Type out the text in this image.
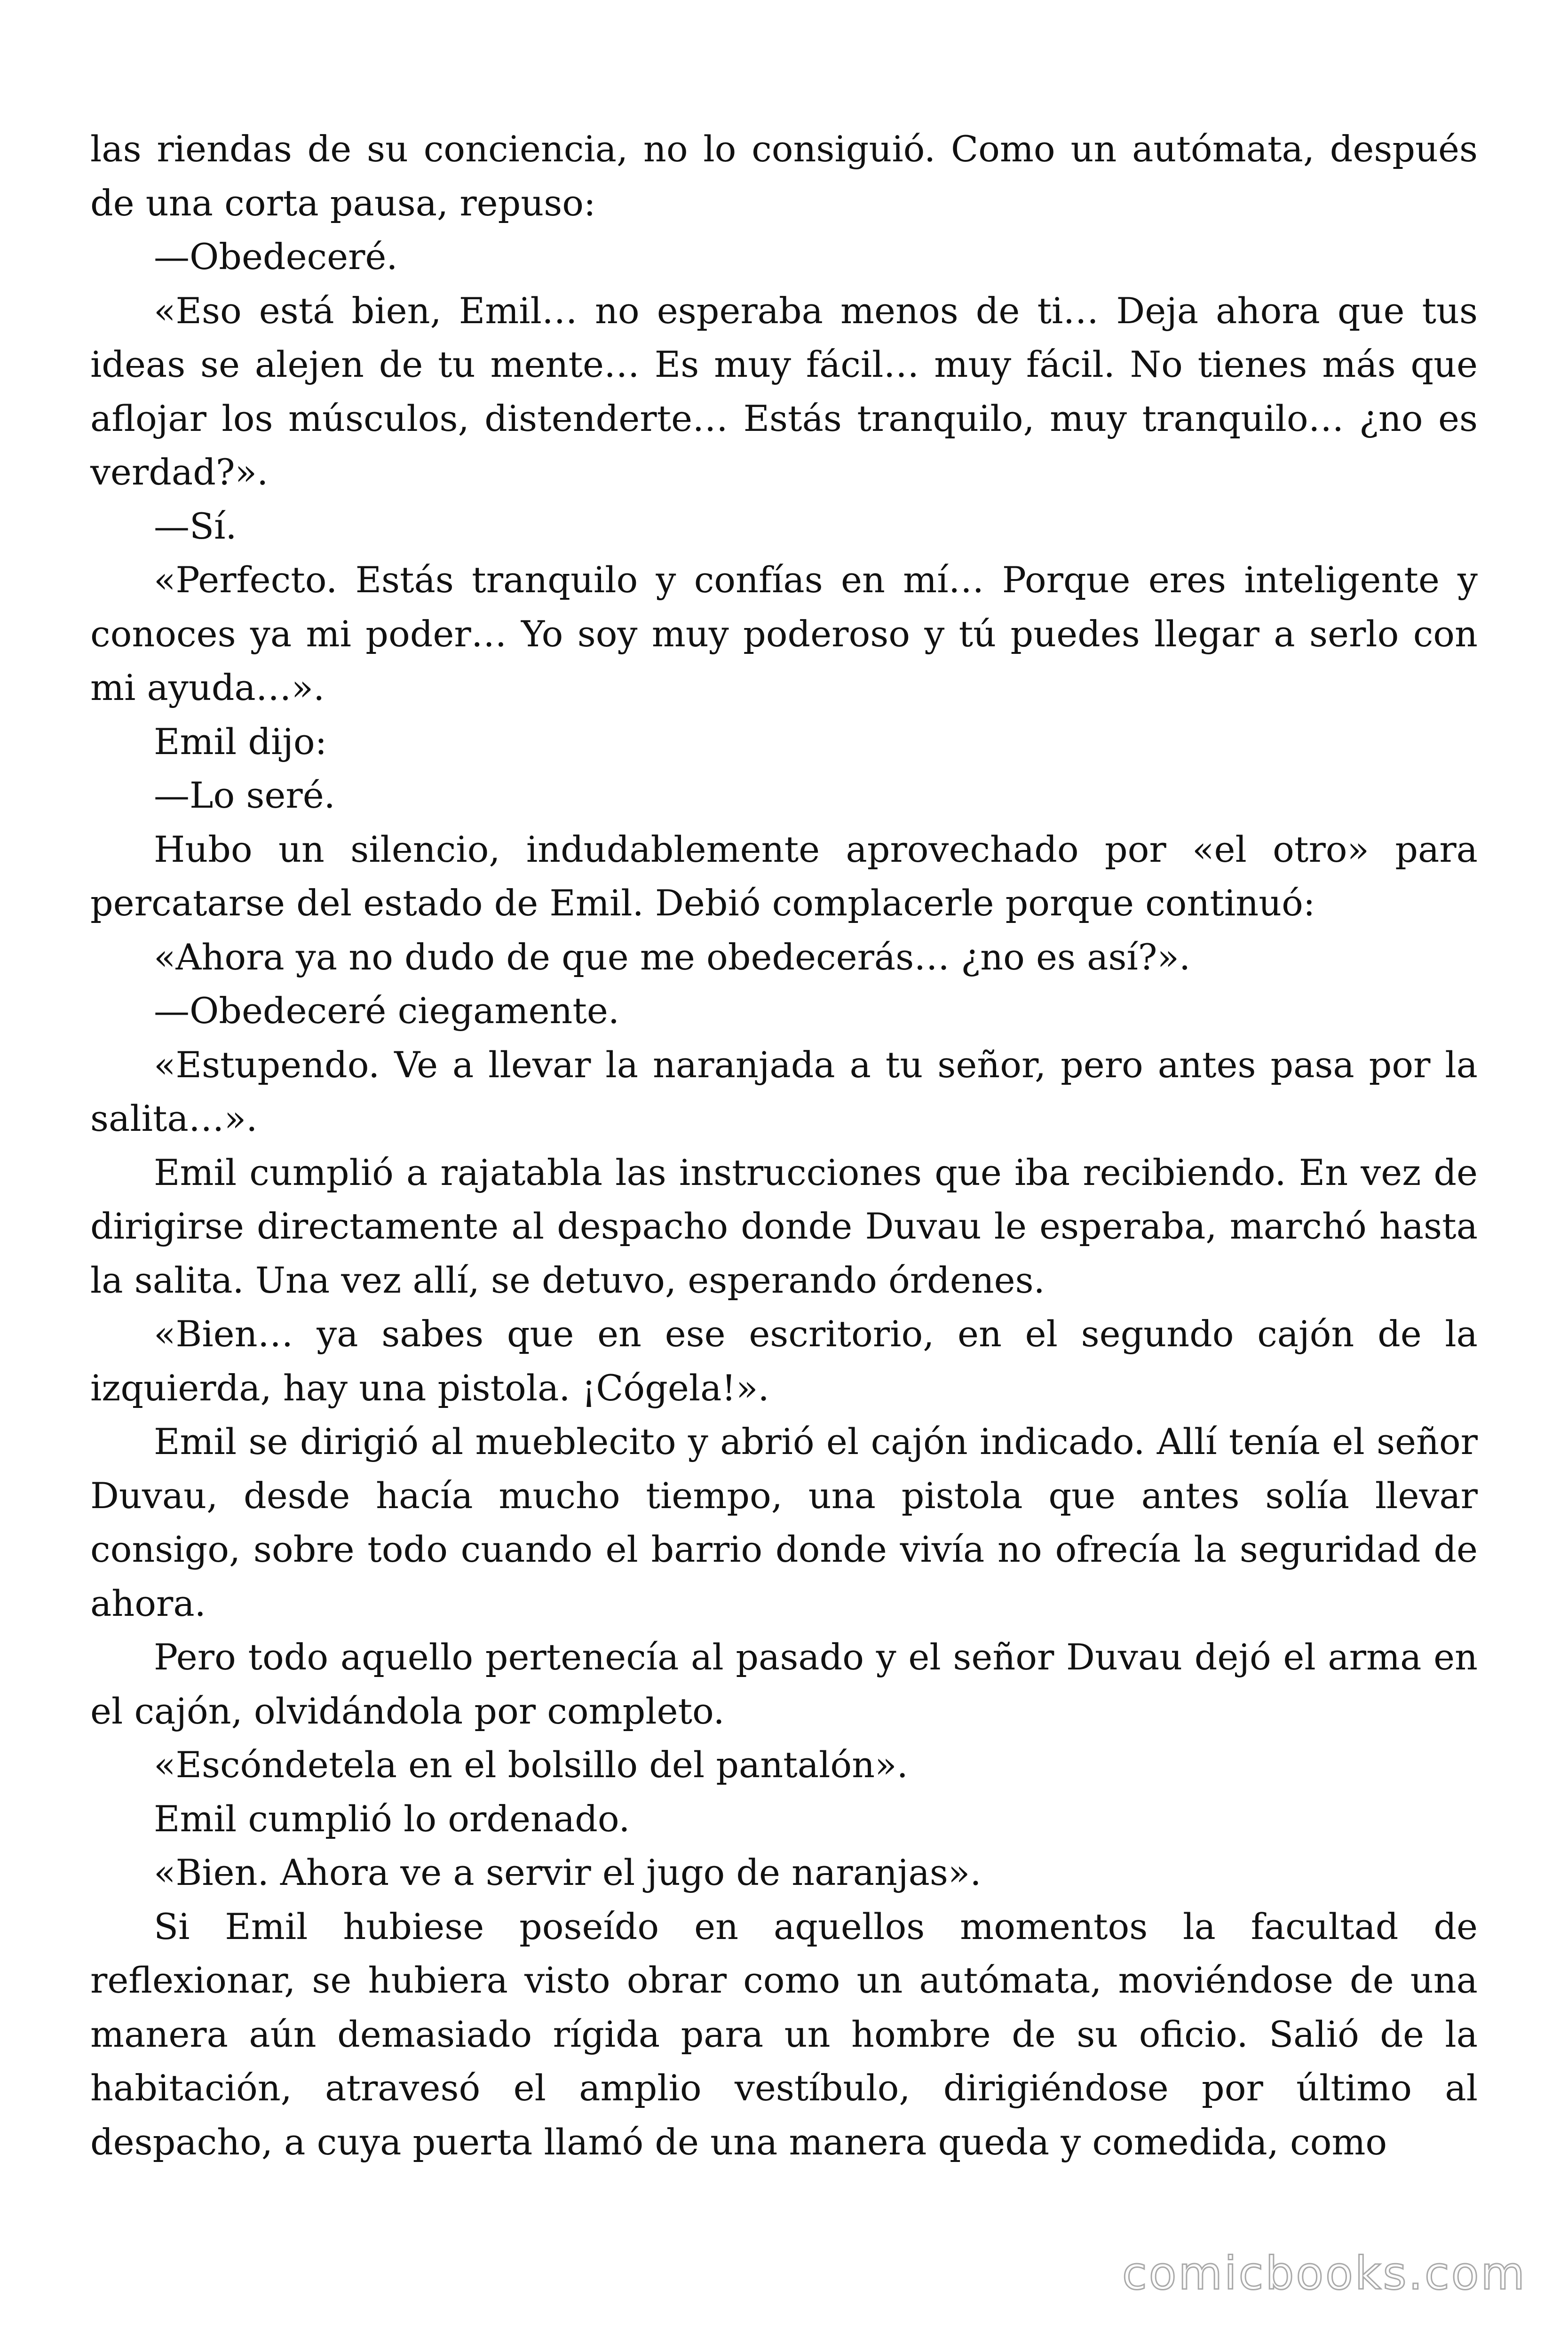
las riendas de su conciencia, no lo consiguió. Como un autómata, después de una corta pausa, repuso:

—Obedeceré.

«Eso está bien, Emil… no esperaba menos de ti… Deja ahora que tus ideas se alejen de tu mente… Es muy fácil… muy fácil. No tienes más que aflojar los músculos, distenderte… Estás tranquilo, muy tranquilo… ¿no es verdad?».

—Sí.

«Perfecto. Estás tranquilo y confías en mí… Porque eres inteligente y conoces ya mi poder… Yo soy muy poderoso y tú puedes llegar a serlo con mi ayuda…».

Emil dijo:

—Lo seré.

Hubo un silencio, indudablemente aprovechado por «el otro» para percatarse del estado de Emil. Debió complacerle porque continuó:

«Ahora ya no dudo de que me obedecerás… ¿no es así?».

—Obedeceré ciegamente.

«Estupendo. Ve a llevar la naranjada a tu señor, pero antes pasa por la salita…».

Emil cumplió a rajatabla las instrucciones que iba recibiendo. En vez de dirigirse directamente al despacho donde Duvau le esperaba, marchó hasta la salita. Una vez allí, se detuvo, esperando órdenes.

«Bien… ya sabes que en ese escritorio, en el segundo cajón de la izquierda, hay una pistola. ¡Cógela!».

Emil se dirigió al mueblecito y abrió el cajón indicado. Allí tenía el señor Duvau, desde hacía mucho tiempo, una pistola que antes solía llevar consigo, sobre todo cuando el barrio donde vivía no ofrecía la seguridad de ahora.

Pero todo aquello pertenecía al pasado y el señor Duvau dejó el arma en el cajón, olvidándola por completo.

«Escóndetela en el bolsillo del pantalón».

Emil cumplió lo ordenado.

«Bien. Ahora ve a servir el jugo de naranjas».

Si Emil hubiese poseído en aquellos momentos la facultad de reflexionar, se hubiera visto obrar como un autómata, moviéndose de una manera aún demasiado rígida para un hombre de su oficio. Salió de la habitación, atravesó el amplio vestíbulo, dirigiéndose por último al despacho, a cuya puerta llamó de una manera queda y comedida, como

comicbooks.com
